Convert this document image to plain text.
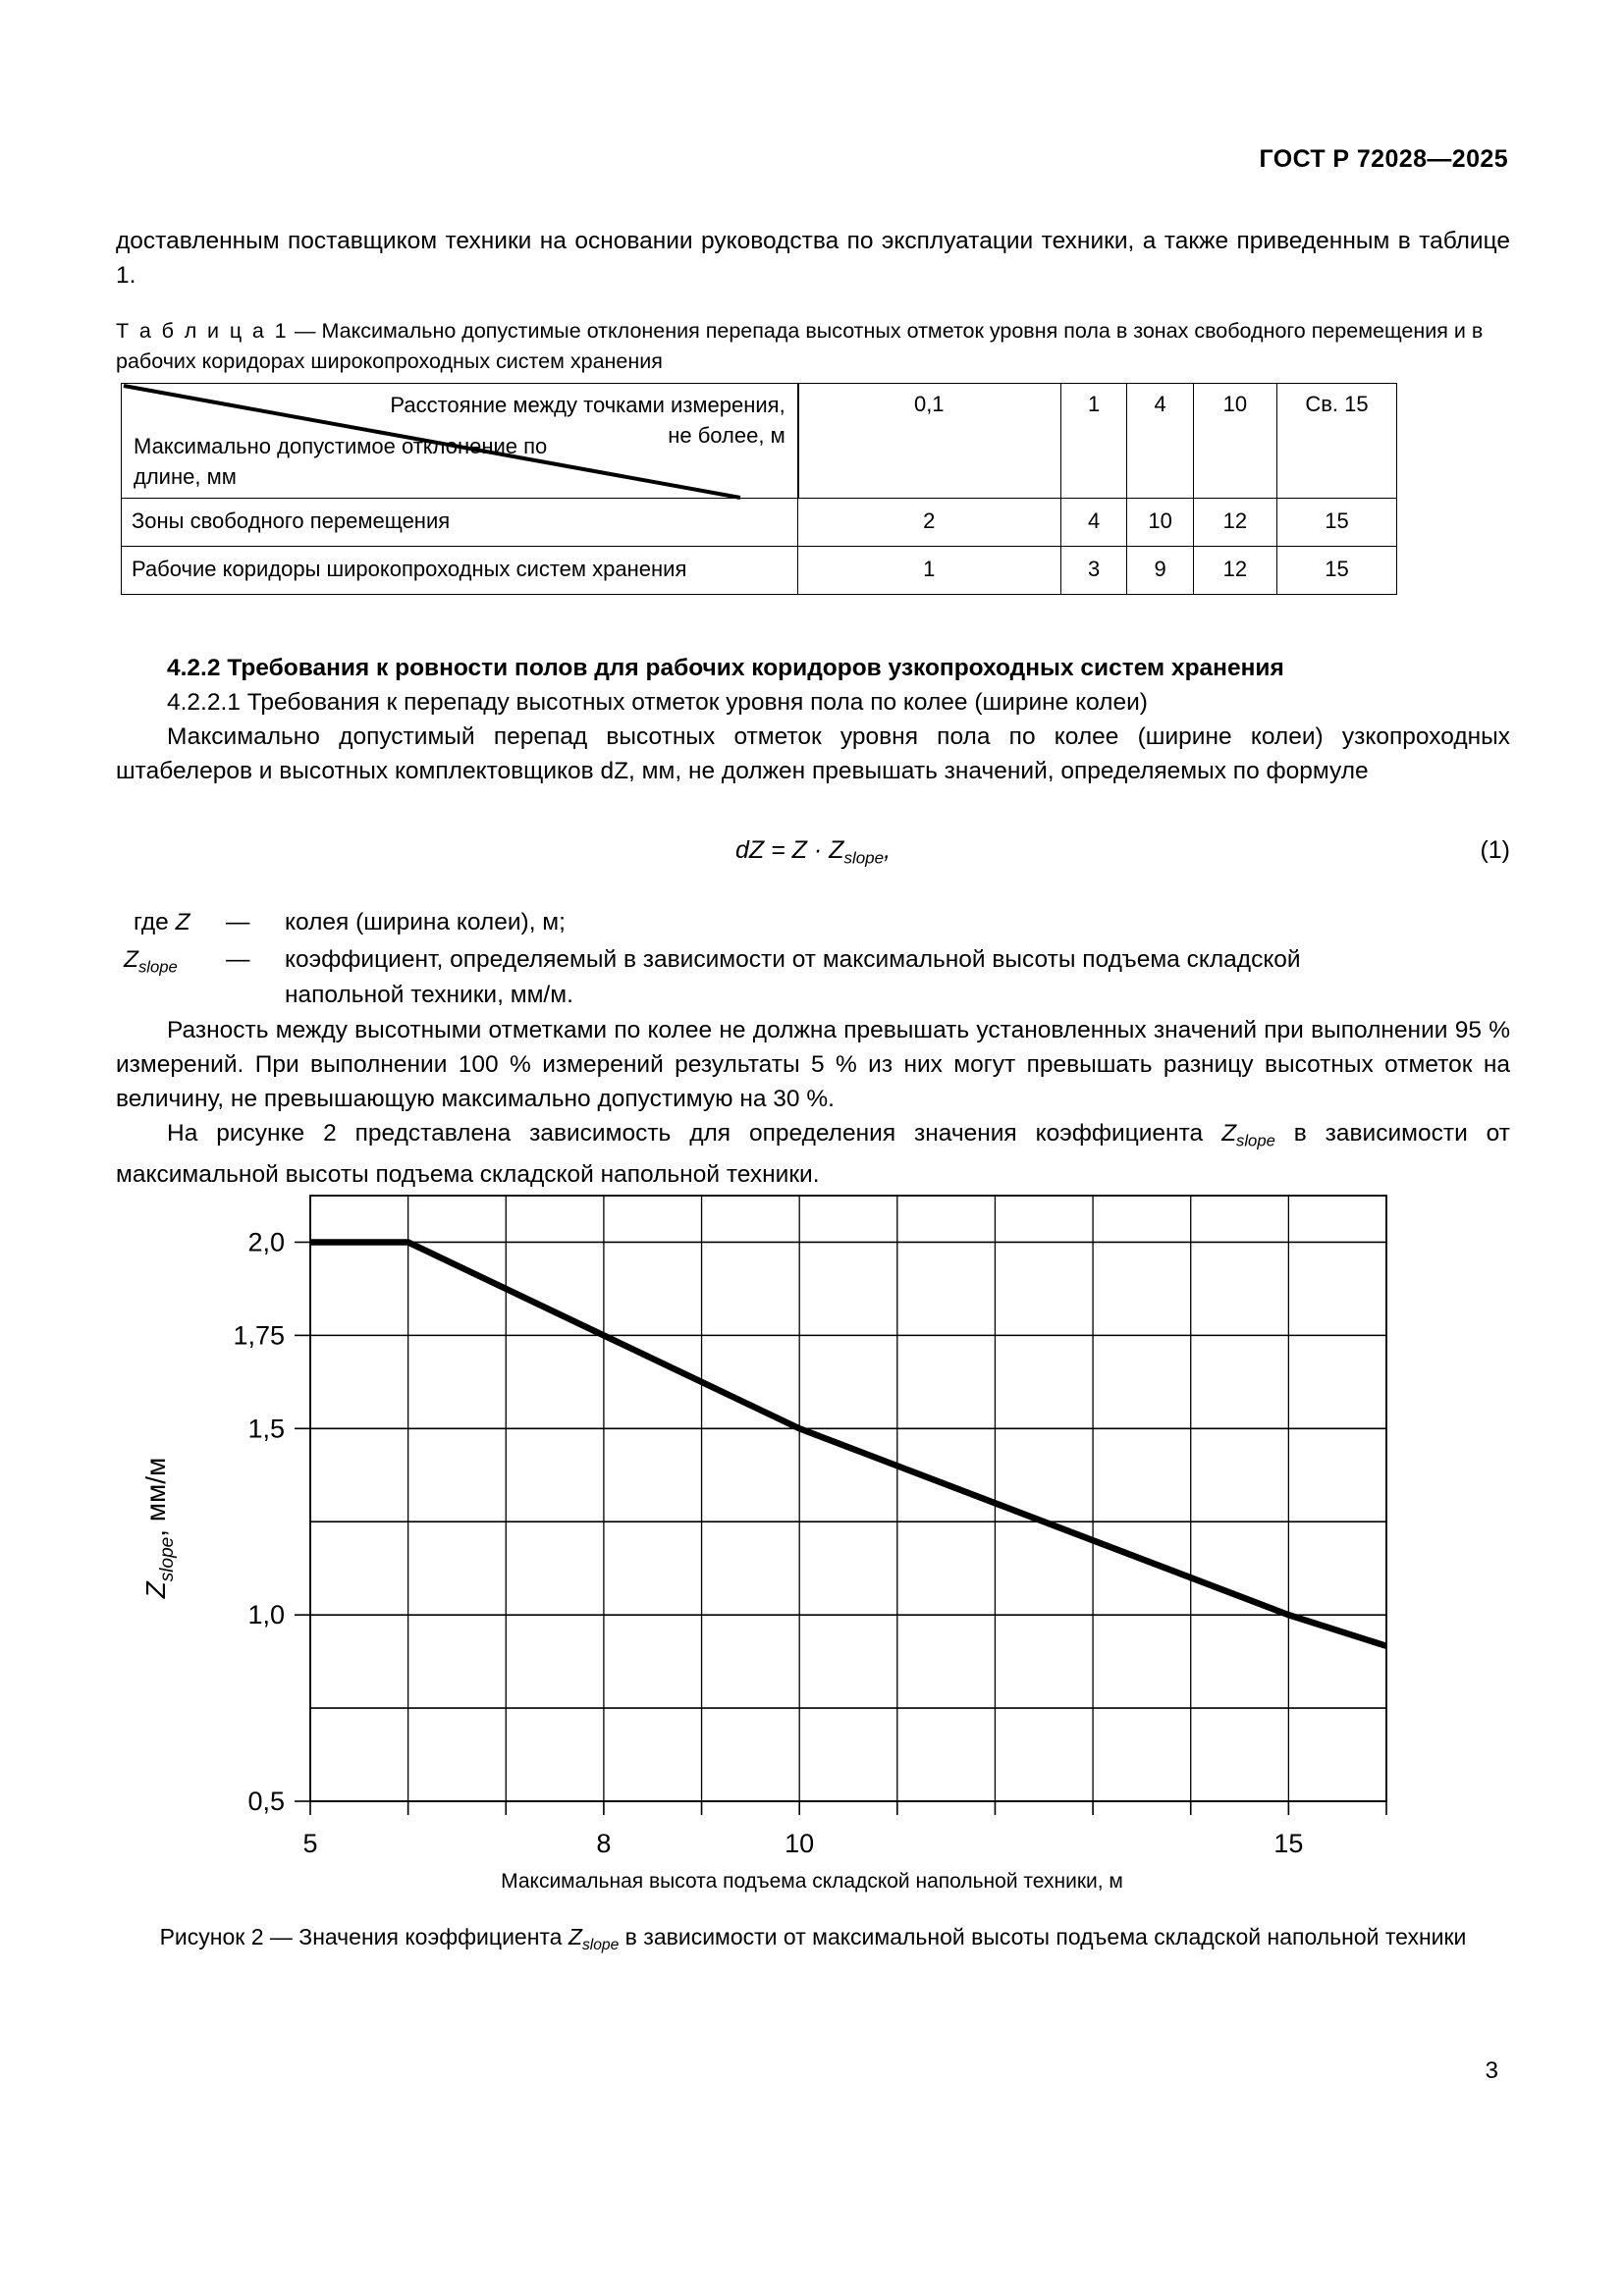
ГОСТ Р 72028—2025

доставленным поставщиком техники на основании руководства по эксплуатации техники, а также приведенным в таблице 1.

Т а б л и ц а 1 — Максимально допустимые отклонения перепада высотных отметок уровня пола в зонах свободного перемещения и в рабочих коридорах широкопроходных систем хранения
Расстояние между точками измерения, не более, м
Максимально допустимое отклонение по длине, мм	0,1	1	4	10	Св. 15
Зоны свободного перемещения	2	4	10	12	15
Рабочие коридоры широкопроходных систем хранения	1	3	9	12	15

4.2.2 Требования к ровности полов для рабочих коридоров узкопроходных систем хранения

4.2.2.1 Требования к перепаду высотных отметок уровня пола по колее (ширине колеи)

Максимально допустимый перепад высотных отметок уровня пола по колее (ширине колеи) узкопроходных штабелеров и высотных комплектовщиков dZ, мм, не должен превышать значений, определяемых по формуле

dZ = $Z \cdot Z_{slope}$,	(1)
где Z	—	колея (ширина колеи), м;
$Z_{slope}$	—	коэффициент, определяемый в зависимости от максимальной высоты подъема складской
напольной техники, мм/м.

Разность между высотными отметками по колее не должна превышать установленных значений при выполнении 95 % измерений. При выполнении 100 % измерений результаты 5 % из них могут превышать разницу высотных отметок на величину, не превышающую максимально допустимую на 30 %.

На рисунке 2 представлена зависимость для определения значения коэффициента $Z_{slope}$ в зависимости от максимальной высоты подъема складской напольной техники.

0,5
1,0
1,5
1,75
2,0
5	8	10	15
$Z_{slope}$, мм/м
Максимальная высота подъема складской напольной техники, м
Рисунок 2 — Значения коэффициента $Z_{slope}$ в зависимости от максимальной высоты подъема складской напольной техники
3
